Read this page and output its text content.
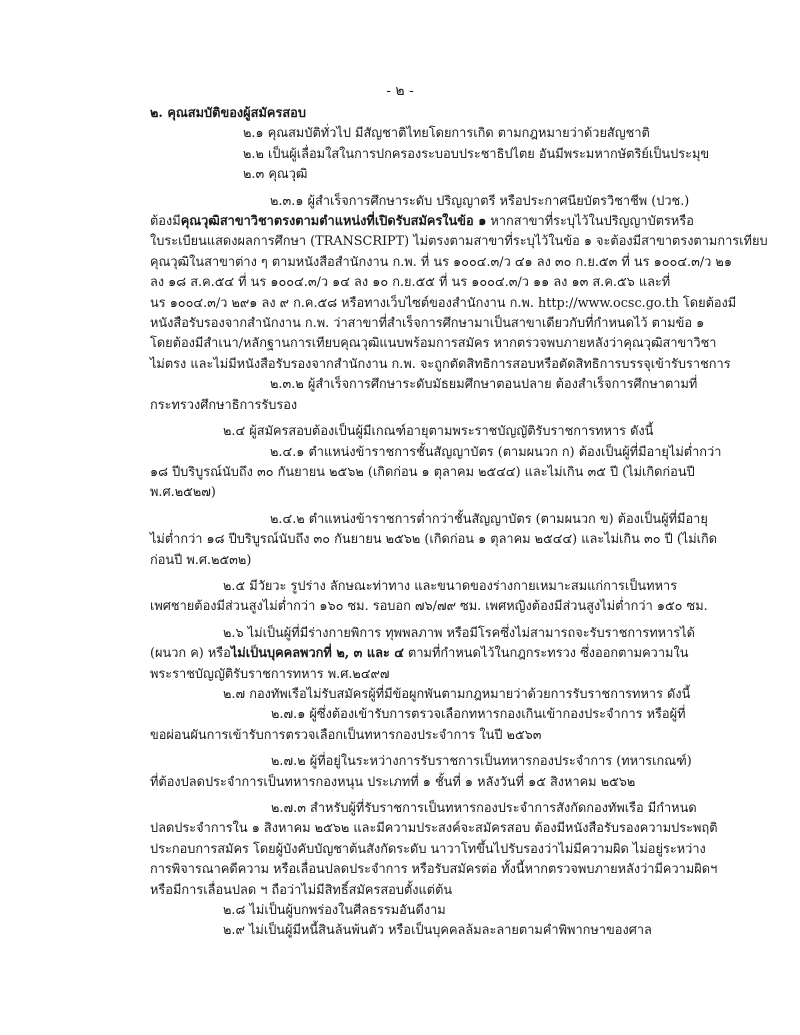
- ๒ -
๒. คุณสมบัติของผู้สมัครสอบ
๒.๑ คุณสมบัติทั่วไป มีสัญชาติไทยโดยการเกิด ตามกฎหมายว่าด้วยสัญชาติ
๒.๒ เป็นผู้เลื่อมใสในการปกครองระบอบประชาธิปไตย อันมีพระมหากษัตริย์เป็นประมุข
๒.๓ คุณวุฒิ
๒.๓.๑ ผู้สำเร็จการศึกษาระดับ ปริญญาตรี หรือประกาศนียบัตรวิชาชีพ (ปวช.)
ต้องมีคุณวุฒิสาขาวิชาตรงตามตำแหน่งที่เปิดรับสมัครในข้อ ๑ หากสาขาที่ระบุไว้ในปริญญาบัตรหรือ
ใบระเบียนแสดงผลการศึกษา (TRANSCRIPT) ไม่ตรงตามสาขาที่ระบุไว้ในข้อ ๑ จะต้องมีสาขาตรงตามการเทียบ
คุณวุฒิในสาขาต่าง ๆ ตามหนังสือสำนักงาน ก.พ. ที่ นร ๑๐๐๔.๓/ว ๔๑ ลง ๓๐ ก.ย.๕๓ ที่ นร ๑๐๐๔.๓/ว ๒๑
ลง ๑๘ ส.ค.๕๔ ที่ นร ๑๐๐๔.๓/ว ๑๔ ลง ๑๐ ก.ย.๕๕ ที่ นร ๑๐๐๔.๓/ว ๑๑ ลง ๑๓ ส.ค.๕๖ และที่
นร ๑๐๐๔.๓/ว ๒๙๑ ลง ๙ ก.ค.๕๘ หรือทางเว็บไซต์ของสำนักงาน ก.พ. http://www.ocsc.go.th โดยต้องมี
หนังสือรับรองจากสำนักงาน ก.พ. ว่าสาขาที่สำเร็จการศึกษามาเป็นสาขาเดียวกับที่กำหนดไว้ ตามข้อ ๑
โดยต้องมีสำเนา/หลักฐานการเทียบคุณวุฒิแนบพร้อมการสมัคร หากตรวจพบภายหลังว่าคุณวุฒิสาขาวิชา
ไม่ตรง และไม่มีหนังสือรับรองจากสำนักงาน ก.พ. จะถูกตัดสิทธิการสอบหรือตัดสิทธิการบรรจุเข้ารับราชการ
๒.๓.๒ ผู้สำเร็จการศึกษาระดับมัธยมศึกษาตอนปลาย ต้องสำเร็จการศึกษาตามที่
กระทรวงศึกษาธิการรับรอง
๒.๔ ผู้สมัครสอบต้องเป็นผู้มีเกณฑ์อายุตามพระราชบัญญัติรับราชการทหาร ดังนี้
๒.๔.๑ ตำแหน่งข้าราชการชั้นสัญญาบัตร (ตามผนวก ก) ต้องเป็นผู้ที่มีอายุไม่ต่ำกว่า
๑๘ ปีบริบูรณ์นับถึง ๓๐ กันยายน ๒๕๖๒ (เกิดก่อน ๑ ตุลาคม ๒๕๔๔) และไม่เกิน ๓๕ ปี (ไม่เกิดก่อนปี
พ.ศ.๒๕๒๗)
๒.๔.๒ ตำแหน่งข้าราชการต่ำกว่าชั้นสัญญาบัตร (ตามผนวก ข) ต้องเป็นผู้ที่มีอายุ
ไม่ต่ำกว่า ๑๘ ปีบริบูรณ์นับถึง ๓๐ กันยายน ๒๕๖๒ (เกิดก่อน ๑ ตุลาคม ๒๕๔๔) และไม่เกิน ๓๐ ปี (ไม่เกิด
ก่อนปี พ.ศ.๒๕๓๒)
๒.๕ มีวัยวะ รูปร่าง ลักษณะท่าทาง และขนาดของร่างกายเหมาะสมแก่การเป็นทหาร
เพศชายต้องมีส่วนสูงไม่ต่ำกว่า ๑๖๐ ซม. รอบอก ๗๖/๗๙ ซม. เพศหญิงต้องมีส่วนสูงไม่ต่ำกว่า ๑๕๐ ซม.
๒.๖ ไม่เป็นผู้ที่มีร่างกายพิการ ทุพพลภาพ หรือมีโรคซึ่งไม่สามารถจะรับราชการทหารได้
(ผนวก ค) หรือไม่เป็นบุคคลพวกที่ ๒, ๓ และ ๔ ตามที่กำหนดไว้ในกฎกระทรวง ซึ่งออกตามความใน
พระราชบัญญัติรับราชการทหาร พ.ศ.๒๔๙๗
๒.๗ กองทัพเรือไม่รับสมัครผู้ที่มีข้อผูกพันตามกฎหมายว่าด้วยการรับราชการทหาร ดังนี้
๒.๗.๑ ผู้ซึ่งต้องเข้ารับการตรวจเลือกทหารกองเกินเข้ากองประจำการ หรือผู้ที่
ขอผ่อนผันการเข้ารับการตรวจเลือกเป็นทหารกองประจำการ ในปี ๒๕๖๓
๒.๗.๒ ผู้ที่อยู่ในระหว่างการรับราชการเป็นทหารกองประจำการ (ทหารเกณฑ์)
ที่ต้องปลดประจำการเป็นทหารกองหนุน ประเภทที่ ๑ ชั้นที่ ๑ หลังวันที่ ๑๕ สิงหาคม ๒๕๖๒
๒.๗.๓ สำหรับผู้ที่รับราชการเป็นทหารกองประจำการสังกัดกองทัพเรือ มีกำหนด
ปลดประจำการใน ๑ สิงหาคม ๒๕๖๒ และมีความประสงค์จะสมัครสอบ ต้องมีหนังสือรับรองความประพฤติ
ประกอบการสมัคร โดยผู้บังคับบัญชาต้นสังกัดระดับ นาวาโทขึ้นไปรับรองว่าไม่มีความผิด ไม่อยู่ระหว่าง
การพิจารณาคดีความ หรือเลื่อนปลดประจำการ หรือรับสมัครต่อ ทั้งนี้หากตรวจพบภายหลังว่ามีความผิดฯ
หรือมีการเลื่อนปลด ฯ ถือว่าไม่มีสิทธิ์สมัครสอบตั้งแต่ต้น
๒.๘ ไม่เป็นผู้บกพร่องในศีลธรรมอันดีงาม
๒.๙ ไม่เป็นผู้มีหนี้สินล้นพ้นตัว หรือเป็นบุคคลล้มละลายตามคำพิพากษาของศาล
